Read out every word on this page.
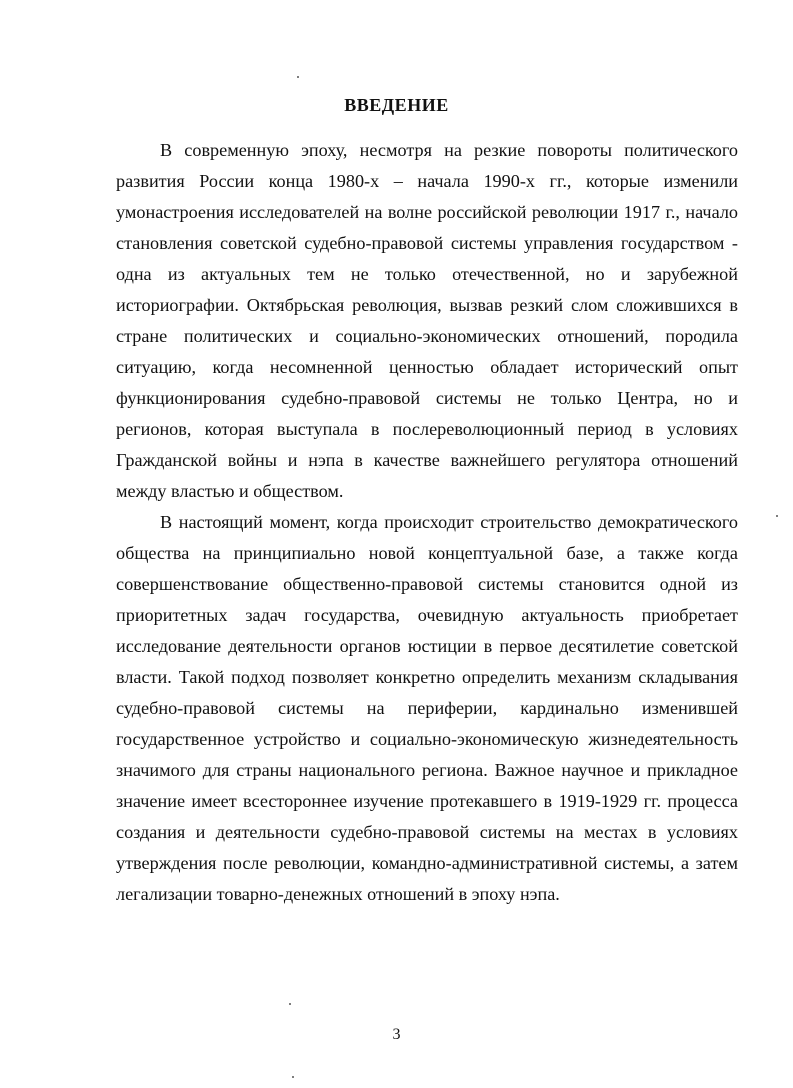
ВВЕДЕНИЕ

В современную эпоху, несмотря на резкие повороты политического развития России конца 1980-х – начала 1990-х гг., которые изменили умонастроения исследователей на волне российской революции 1917 г., начало становления советской судебно-правовой системы управления государством - одна из актуальных тем не только отечественной, но и зарубежной историографии. Октябрьская революция, вызвав резкий слом сложившихся в стране политических и социально-экономических отношений, породила ситуацию, когда несомненной ценностью обладает исторический опыт функционирования судебно-правовой системы не только Центра, но и регионов, которая выступала в послереволюционный период в условиях Гражданской войны и нэпа в качестве важнейшего регулятора отношений между властью и обществом.

В настоящий момент, когда происходит строительство демократического общества на принципиально новой концептуальной базе, а также когда совершенствование общественно-правовой системы становится одной из приоритетных задач государства, очевидную актуальность приобретает исследование деятельности органов юстиции в первое десятилетие советской власти. Такой подход позволяет конкретно определить механизм складывания судебно-правовой системы на периферии, кардинально изменившей государственное устройство и социально-экономическую жизнедеятельность значимого для страны национального региона. Важное научное и прикладное значение имеет всестороннее изучение протекавшего в 1919-1929 гг. процесса создания и деятельности судебно-правовой системы на местах в условиях утверждения после революции, командно-административной системы, а затем легализации товарно-денежных отношений в эпоху нэпа.

3
